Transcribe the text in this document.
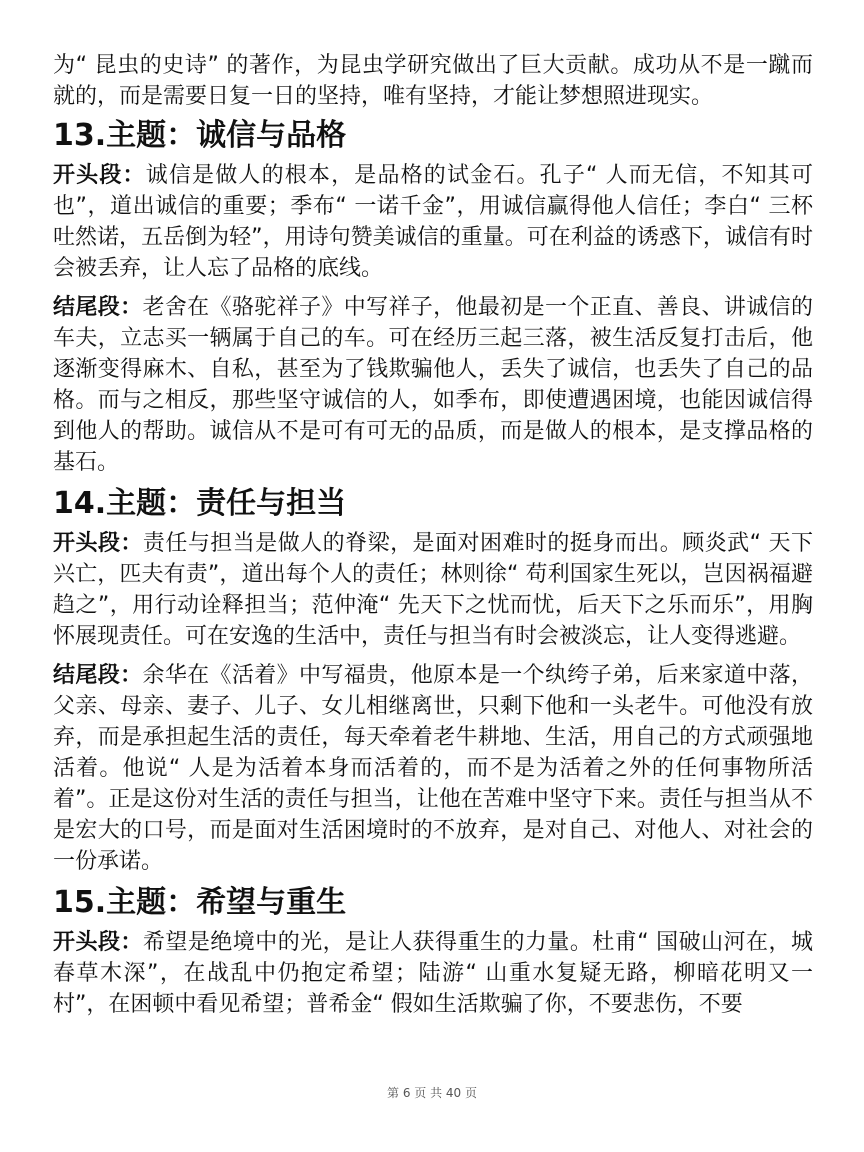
为“ 昆虫的史诗” 的著作，为昆虫学研究做出了巨大贡献。成功从不是一蹴而就的，而是需要日复一日的坚持，唯有坚持，才能让梦想照进现实。

13.主题：诚信与品格

开头段：诚信是做人的根本，是品格的试金石。孔子“ 人而无信，不知其可也”，道出诚信的重要；季布“ 一诺千金”，用诚信赢得他人信任；李白“ 三杯吐然诺，五岳倒为轻”，用诗句赞美诚信的重量。可在利益的诱惑下，诚信有时会被丢弃，让人忘了品格的底线。

结尾段：老舍在《骆驼祥子》中写祥子，他最初是一个正直、善良、讲诚信的车夫，立志买一辆属于自己的车。可在经历三起三落，被生活反复打击后，他逐渐变得麻木、自私，甚至为了钱欺骗他人，丢失了诚信，也丢失了自己的品格。而与之相反，那些坚守诚信的人，如季布，即使遭遇困境，也能因诚信得到他人的帮助。诚信从不是可有可无的品质，而是做人的根本，是支撑品格的基石。

14.主题：责任与担当

开头段：责任与担当是做人的脊梁，是面对困难时的挺身而出。顾炎武“ 天下兴亡，匹夫有责”，道出每个人的责任；林则徐“ 苟利国家生死以，岂因祸福避趋之”，用行动诠释担当；范仲淹“ 先天下之忧而忧，后天下之乐而乐”，用胸怀展现责任。可在安逸的生活中，责任与担当有时会被淡忘，让人变得逃避。

结尾段：余华在《活着》中写福贵，他原本是一个纨绔子弟，后来家道中落，父亲、母亲、妻子、儿子、女儿相继离世，只剩下他和一头老牛。可他没有放弃，而是承担起生活的责任，每天牵着老牛耕地、生活，用自己的方式顽强地活着。他说“ 人是为活着本身而活着的，而不是为活着之外的任何事物所活着”。正是这份对生活的责任与担当，让他在苦难中坚守下来。责任与担当从不是宏大的口号，而是面对生活困境时的不放弃，是对自己、对他人、对社会的一份承诺。

15.主题：希望与重生

开头段：希望是绝境中的光，是让人获得重生的力量。杜甫“ 国破山河在，城春草木深”，在战乱中仍抱定希望；陆游“ 山重水复疑无路，柳暗花明又一村”，在困顿中看见希望；普希金“ 假如生活欺骗了你，不要悲伤，不要

第 6 页 共 40 页
